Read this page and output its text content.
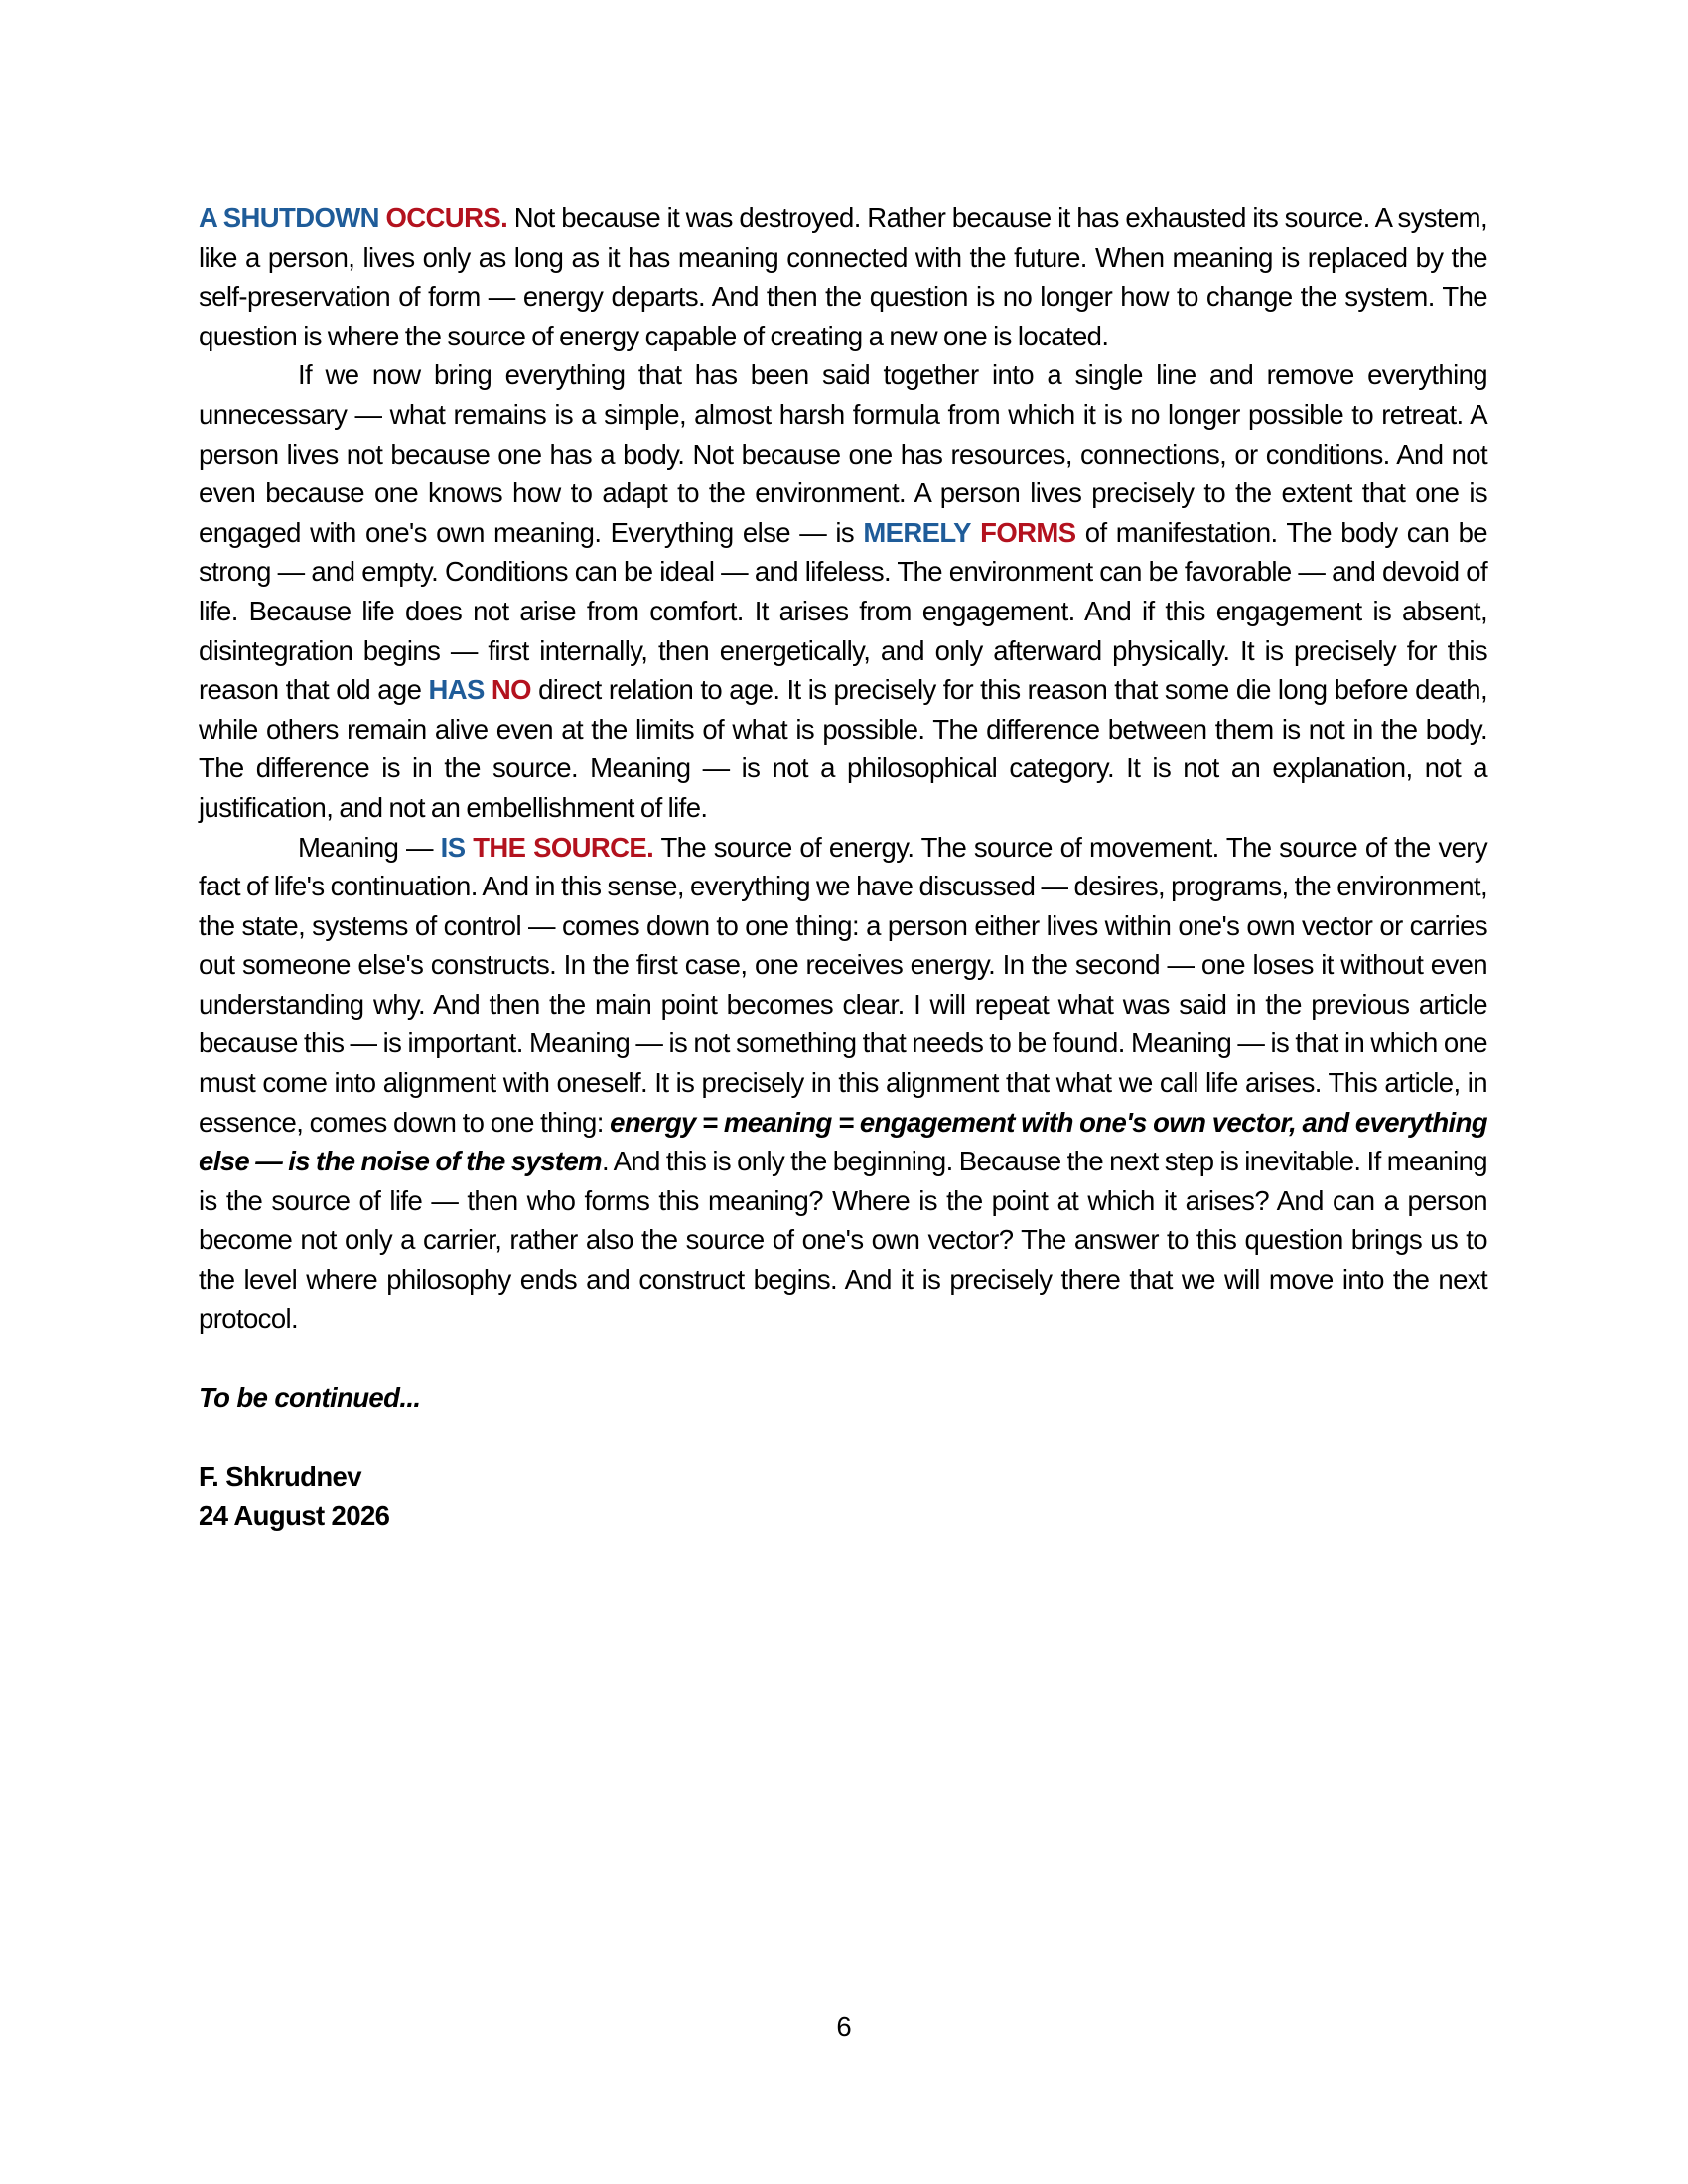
A SHUTDOWN OCCURS. Not because it was destroyed. Rather because it has exhausted its source. A system, like a person, lives only as long as it has meaning connected with the future. When meaning is replaced by the self-preservation of form — energy departs. And then the question is no longer how to change the system. The question is where the source of energy capable of creating a new one is located.

If we now bring everything that has been said together into a single line and remove everything unnecessary — what remains is a simple, almost harsh formula from which it is no longer possible to retreat. A person lives not because one has a body. Not because one has resources, connections, or conditions. And not even because one knows how to adapt to the environment. A person lives precisely to the extent that one is engaged with one's own meaning. Everything else — is MERELY FORMS of manifestation. The body can be strong — and empty. Conditions can be ideal — and lifeless. The environment can be favorable — and devoid of life. Because life does not arise from comfort. It arises from engagement. And if this engagement is absent, disintegration begins — first internally, then energetically, and only afterward physically. It is precisely for this reason that old age HAS NO direct relation to age. It is precisely for this reason that some die long before death, while others remain alive even at the limits of what is possible. The difference between them is not in the body. The difference is in the source. Meaning — is not a philosophical category. It is not an explanation, not a justification, and not an embellishment of life.

Meaning — IS THE SOURCE. The source of energy. The source of movement. The source of the very fact of life's continuation. And in this sense, everything we have discussed — desires, programs, the environment, the state, systems of control — comes down to one thing: a person either lives within one's own vector or carries out someone else's constructs. In the first case, one receives energy. In the second — one loses it without even understanding why. And then the main point becomes clear. I will repeat what was said in the previous article because this — is important. Meaning — is not something that needs to be found. Meaning — is that in which one must come into alignment with oneself. It is precisely in this alignment that what we call life arises. This article, in essence, comes down to one thing: energy = meaning = engagement with one's own vector, and everything else — is the noise of the system. And this is only the beginning. Because the next step is inevitable. If meaning is the source of life — then who forms this meaning? Where is the point at which it arises? And can a person become not only a carrier, rather also the source of one's own vector? The answer to this question brings us to the level where philosophy ends and construct begins. And it is precisely there that we will move into the next protocol.

To be continued...

F. Shkrudnev
24 August 2026
6
